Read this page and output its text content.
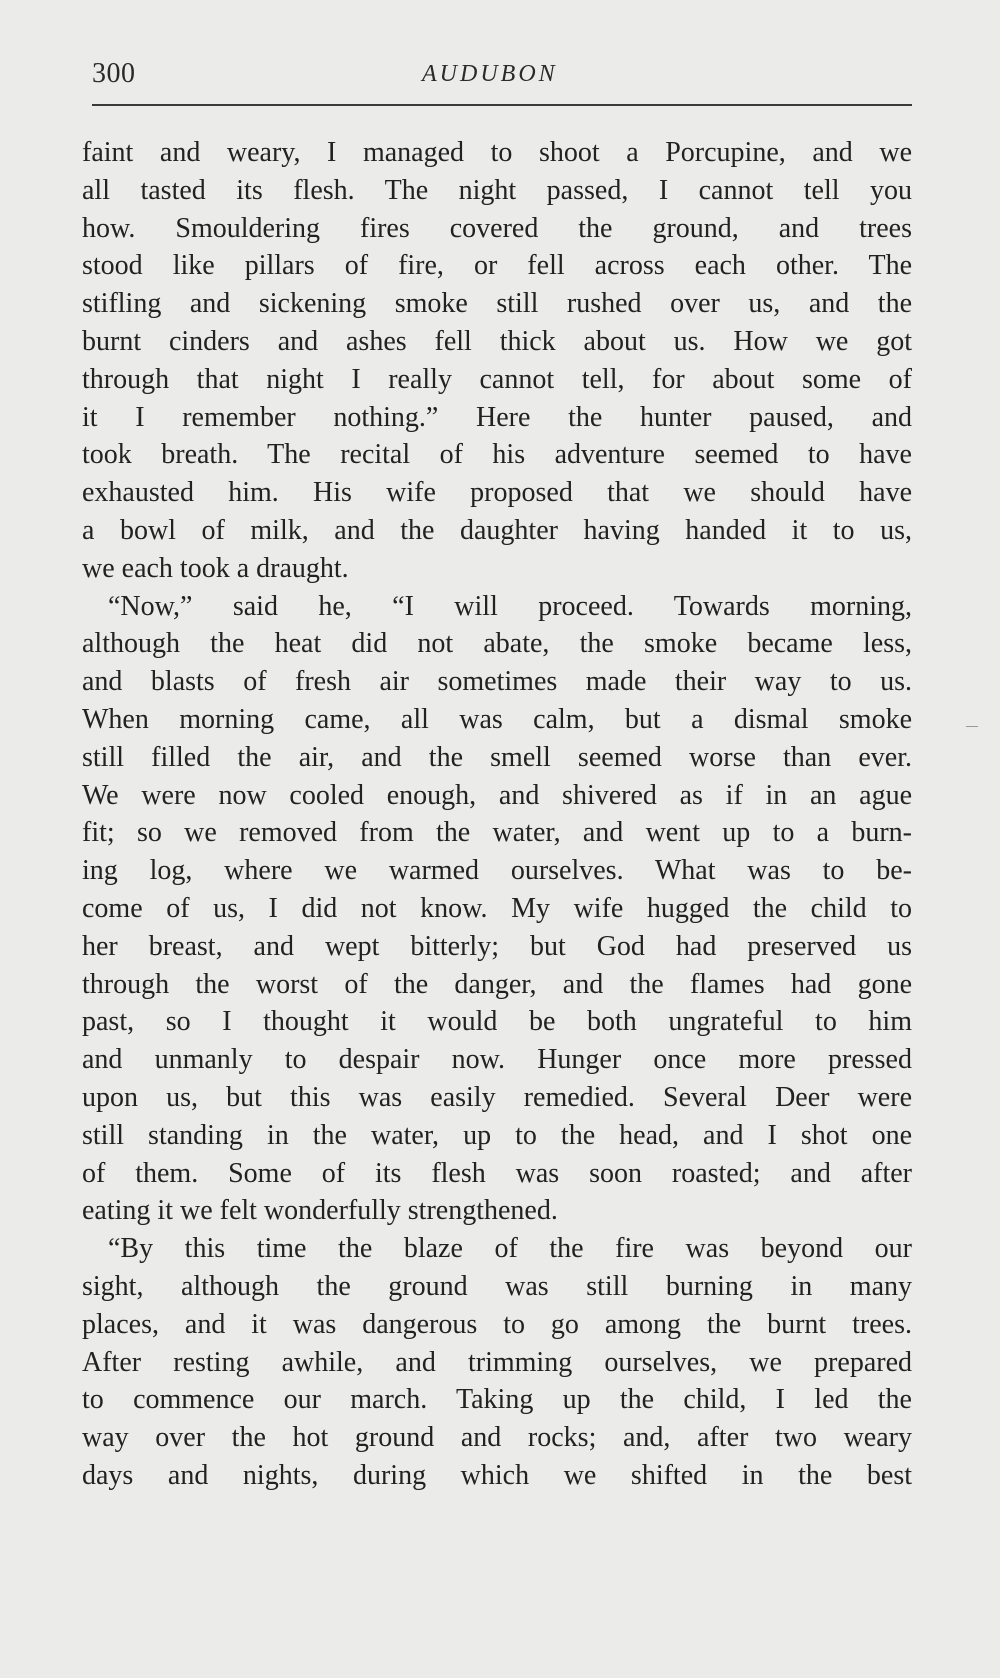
300	AUDUBON
faint and weary, I managed to shoot a Porcupine, and we
all tasted its flesh. The night passed, I cannot tell you
how. Smouldering fires covered the ground, and trees
stood like pillars of fire, or fell across each other. The
stifling and sickening smoke still rushed over us, and the
burnt cinders and ashes fell thick about us. How we got
through that night I really cannot tell, for about some of
it I remember nothing.” Here the hunter paused, and
took breath. The recital of his adventure seemed to have
exhausted him. His wife proposed that we should have
a bowl of milk, and the daughter having handed it to us,
we each took a draught.
“Now,” said he, “I will proceed. Towards morning,
although the heat did not abate, the smoke became less,
and blasts of fresh air sometimes made their way to us.
When morning came, all was calm, but a dismal smoke
still filled the air, and the smell seemed worse than ever.
We were now cooled enough, and shivered as if in an ague
fit; so we removed from the water, and went up to a burn-
ing log, where we warmed ourselves. What was to be-
come of us, I did not know. My wife hugged the child to
her breast, and wept bitterly; but God had preserved us
through the worst of the danger, and the flames had gone
past, so I thought it would be both ungrateful to him
and unmanly to despair now. Hunger once more pressed
upon us, but this was easily remedied. Several Deer were
still standing in the water, up to the head, and I shot one
of them. Some of its flesh was soon roasted; and after
eating it we felt wonderfully strengthened.
“By this time the blaze of the fire was beyond our
sight, although the ground was still burning in many
places, and it was dangerous to go among the burnt trees.
After resting awhile, and trimming ourselves, we prepared
to commence our march. Taking up the child, I led the
way over the hot ground and rocks; and, after two weary
days and nights, during which we shifted in the best
